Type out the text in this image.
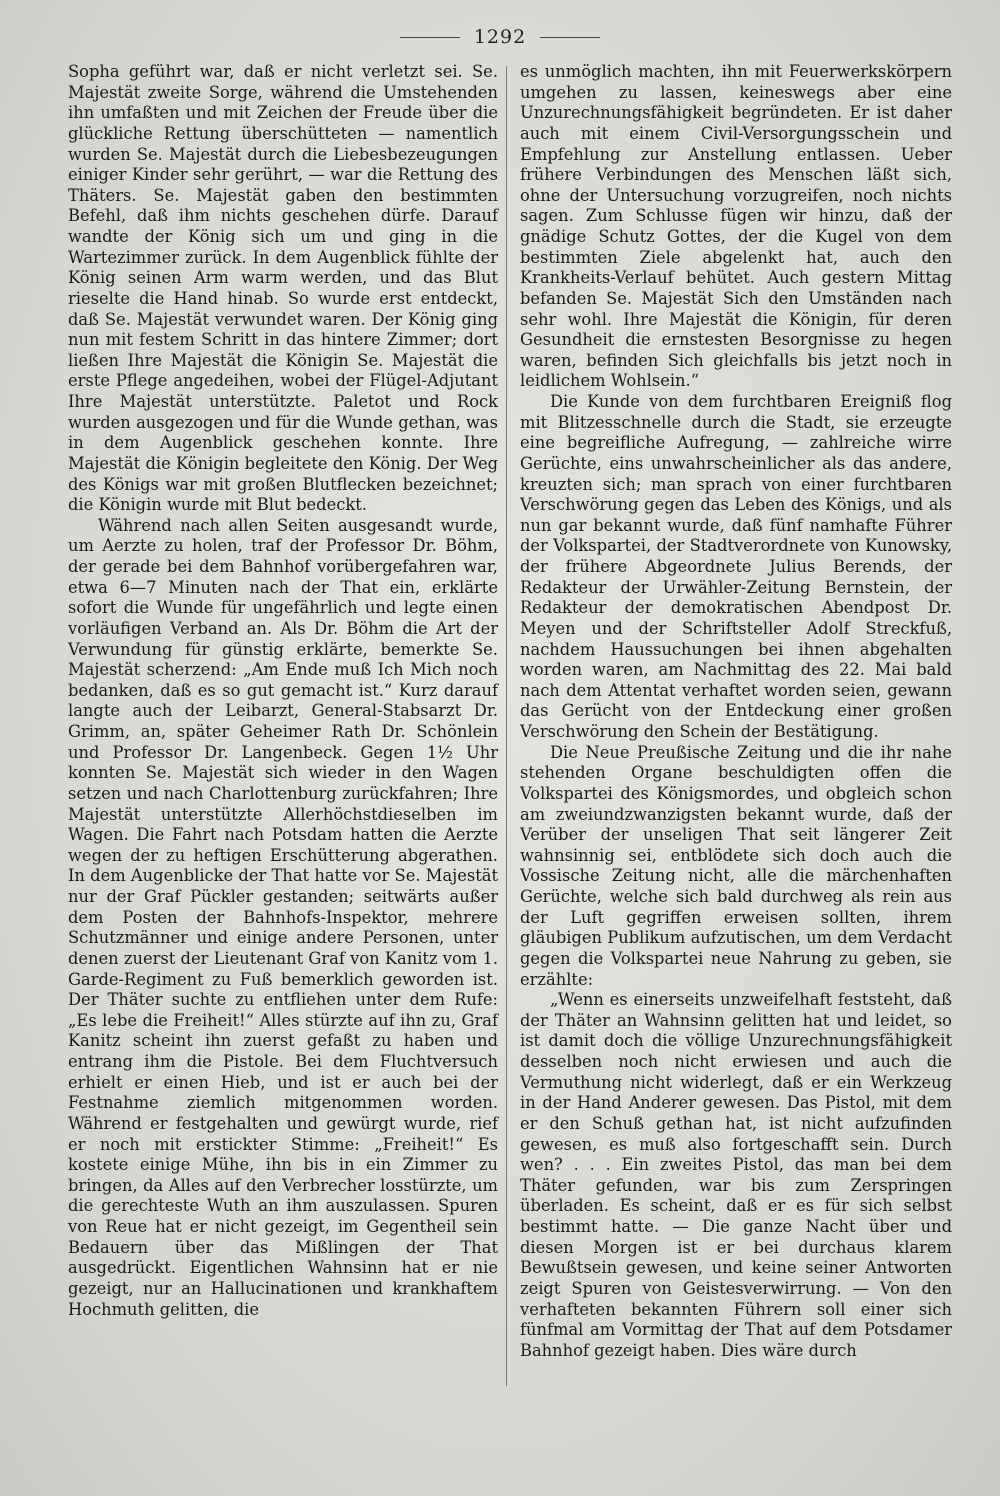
1292

Sopha geführt war, daß er nicht verletzt sei. Se. Majestät zweite Sorge, während die Umstehenden ihn umfaßten und mit Zeichen der Freude über die glückliche Rettung überschütteten — namentlich wurden Se. Majestät durch die Liebesbezeugungen einiger Kinder sehr gerührt, — war die Rettung des Thäters. Se. Majestät gaben den bestimmten Befehl, daß ihm nichts geschehen dürfe. Darauf wandte der König sich um und ging in die Wartezimmer zurück. In dem Augenblick fühlte der König seinen Arm warm werden, und das Blut rieselte die Hand hinab. So wurde erst entdeckt, daß Se. Majestät verwundet waren. Der König ging nun mit festem Schritt in das hintere Zimmer; dort ließen Ihre Majestät die Königin Se. Majestät die erste Pflege angedeihen, wobei der Flügel-Adjutant Ihre Majestät unterstützte. Paletot und Rock wurden ausgezogen und für die Wunde gethan, was in dem Augenblick geschehen konnte. Ihre Majestät die Königin begleitete den König. Der Weg des Königs war mit großen Blutflecken bezeichnet; die Königin wurde mit Blut bedeckt.

Während nach allen Seiten ausgesandt wurde, um Aerzte zu holen, traf der Professor Dr. Böhm, der gerade bei dem Bahnhof vorübergefahren war, etwa 6—7 Minuten nach der That ein, erklärte sofort die Wunde für ungefährlich und legte einen vorläufigen Verband an. Als Dr. Böhm die Art der Verwundung für günstig erklärte, bemerkte Se. Majestät scherzend: „Am Ende muß Ich Mich noch bedanken, daß es so gut gemacht ist.“ Kurz darauf langte auch der Leibarzt, General-Stabsarzt Dr. Grimm, an, später Geheimer Rath Dr. Schönlein und Professor Dr. Langenbeck. Gegen 1½ Uhr konnten Se. Majestät sich wieder in den Wagen setzen und nach Charlottenburg zurückfahren; Ihre Majestät unterstützte Allerhöchstdieselben im Wagen. Die Fahrt nach Potsdam hatten die Aerzte wegen der zu heftigen Erschütterung abgerathen. In dem Augenblicke der That hatte vor Se. Majestät nur der Graf Pückler gestanden; seitwärts außer dem Posten der Bahnhofs-Inspektor, mehrere Schutzmänner und einige andere Personen, unter denen zuerst der Lieutenant Graf von Kanitz vom 1. Garde-Regiment zu Fuß bemerklich geworden ist. Der Thäter suchte zu entfliehen unter dem Rufe: „Es lebe die Freiheit!“ Alles stürzte auf ihn zu, Graf Kanitz scheint ihn zuerst gefaßt zu haben und entrang ihm die Pistole. Bei dem Fluchtversuch erhielt er einen Hieb, und ist er auch bei der Festnahme ziemlich mitgenommen worden. Während er festgehalten und gewürgt wurde, rief er noch mit erstickter Stimme: „Freiheit!“ Es kostete einige Mühe, ihn bis in ein Zimmer zu bringen, da Alles auf den Verbrecher losstürzte, um die gerechteste Wuth an ihm auszulassen. Spuren von Reue hat er nicht gezeigt, im Gegentheil sein Bedauern über das Mißlingen der That ausgedrückt. Eigentlichen Wahnsinn hat er nie gezeigt, nur an Hallucinationen und krankhaftem Hochmuth gelitten, die

es unmöglich machten, ihn mit Feuerwerkskörpern umgehen zu lassen, keineswegs aber eine Unzurechnungsfähigkeit begründeten. Er ist daher auch mit einem Civil-Versorgungsschein und Empfehlung zur Anstellung entlassen. Ueber frühere Verbindungen des Menschen läßt sich, ohne der Untersuchung vorzugreifen, noch nichts sagen. Zum Schlusse fügen wir hinzu, daß der gnädige Schutz Gottes, der die Kugel von dem bestimmten Ziele abgelenkt hat, auch den Krankheits-Verlauf behütet. Auch gestern Mittag befanden Se. Majestät Sich den Umständen nach sehr wohl. Ihre Majestät die Königin, für deren Gesundheit die ernstesten Besorgnisse zu hegen waren, befinden Sich gleichfalls bis jetzt noch in leidlichem Wohlsein.“

Die Kunde von dem furchtbaren Ereigniß flog mit Blitzesschnelle durch die Stadt, sie erzeugte eine begreifliche Aufregung, — zahlreiche wirre Gerüchte, eins unwahrscheinlicher als das andere, kreuzten sich; man sprach von einer furchtbaren Verschwörung gegen das Leben des Königs, und als nun gar bekannt wurde, daß fünf namhafte Führer der Volkspartei, der Stadtverordnete von Kunowsky, der frühere Abgeordnete Julius Berends, der Redakteur der Urwähler-Zeitung Bernstein, der Redakteur der demokratischen Abendpost Dr. Meyen und der Schriftsteller Adolf Streckfuß, nachdem Haussuchungen bei ihnen abgehalten worden waren, am Nachmittag des 22. Mai bald nach dem Attentat verhaftet worden seien, gewann das Gerücht von der Entdeckung einer großen Verschwörung den Schein der Bestätigung.

Die Neue Preußische Zeitung und die ihr nahe stehenden Organe beschuldigten offen die Volkspartei des Königsmordes, und obgleich schon am zweiundzwanzigsten bekannt wurde, daß der Verüber der unseligen That seit längerer Zeit wahnsinnig sei, entblödete sich doch auch die Vossische Zeitung nicht, alle die märchenhaften Gerüchte, welche sich bald durchweg als rein aus der Luft gegriffen erweisen sollten, ihrem gläubigen Publikum aufzutischen, um dem Verdacht gegen die Volkspartei neue Nahrung zu geben, sie erzählte:

„Wenn es einerseits unzweifelhaft feststeht, daß der Thäter an Wahnsinn gelitten hat und leidet, so ist damit doch die völlige Unzurechnungsfähigkeit desselben noch nicht erwiesen und auch die Vermuthung nicht widerlegt, daß er ein Werkzeug in der Hand Anderer gewesen. Das Pistol, mit dem er den Schuß gethan hat, ist nicht aufzufinden gewesen, es muß also fortgeschafft sein. Durch wen? . . . Ein zweites Pistol, das man bei dem Thäter gefunden, war bis zum Zerspringen überladen. Es scheint, daß er es für sich selbst bestimmt hatte. — Die ganze Nacht über und diesen Morgen ist er bei durchaus klarem Bewußtsein gewesen, und keine seiner Antworten zeigt Spuren von Geistesverwirrung. — Von den verhafteten bekannten Führern soll einer sich fünfmal am Vormittag der That auf dem Potsdamer Bahnhof gezeigt haben. Dies wäre durch
